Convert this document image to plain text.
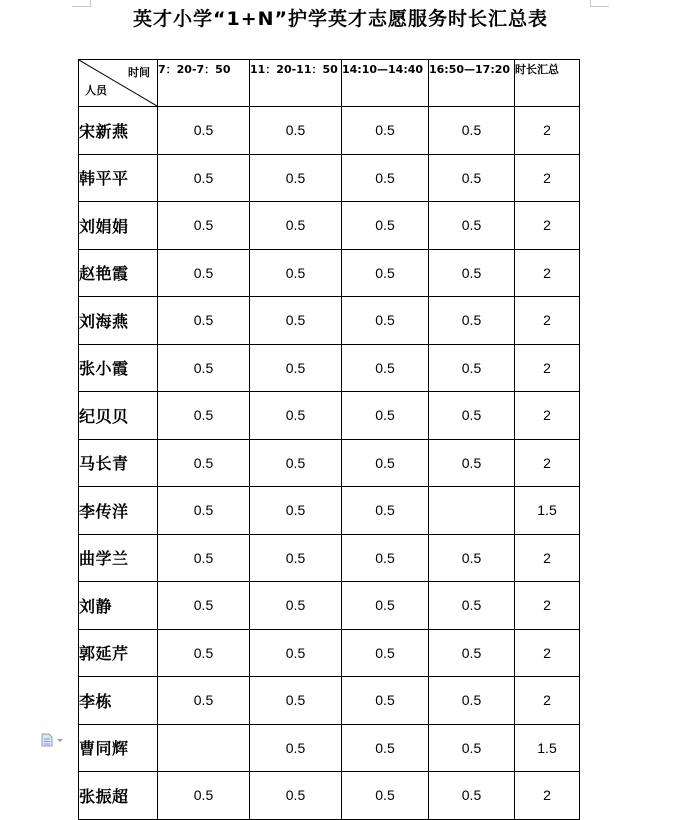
英才小学“1+N”护学英才志愿服务时长汇总表
时间
人员	7：20-7：50	11：20-11：50	14:10—14:40	16:50—17:20	时长汇总
宋新燕	0.5	0.5	0.5	0.5	2
韩平平	0.5	0.5	0.5	0.5	2
刘娟娟	0.5	0.5	0.5	0.5	2
赵艳霞	0.5	0.5	0.5	0.5	2
刘海燕	0.5	0.5	0.5	0.5	2
张小霞	0.5	0.5	0.5	0.5	2
纪贝贝	0.5	0.5	0.5	0.5	2
马长青	0.5	0.5	0.5	0.5	2
李传洋	0.5	0.5	0.5		1.5
曲学兰	0.5	0.5	0.5	0.5	2
刘静	0.5	0.5	0.5	0.5	2
郭延芹	0.5	0.5	0.5	0.5	2
李栋	0.5	0.5	0.5	0.5	2
曹同辉		0.5	0.5	0.5	1.5
张振超	0.5	0.5	0.5	0.5	2
